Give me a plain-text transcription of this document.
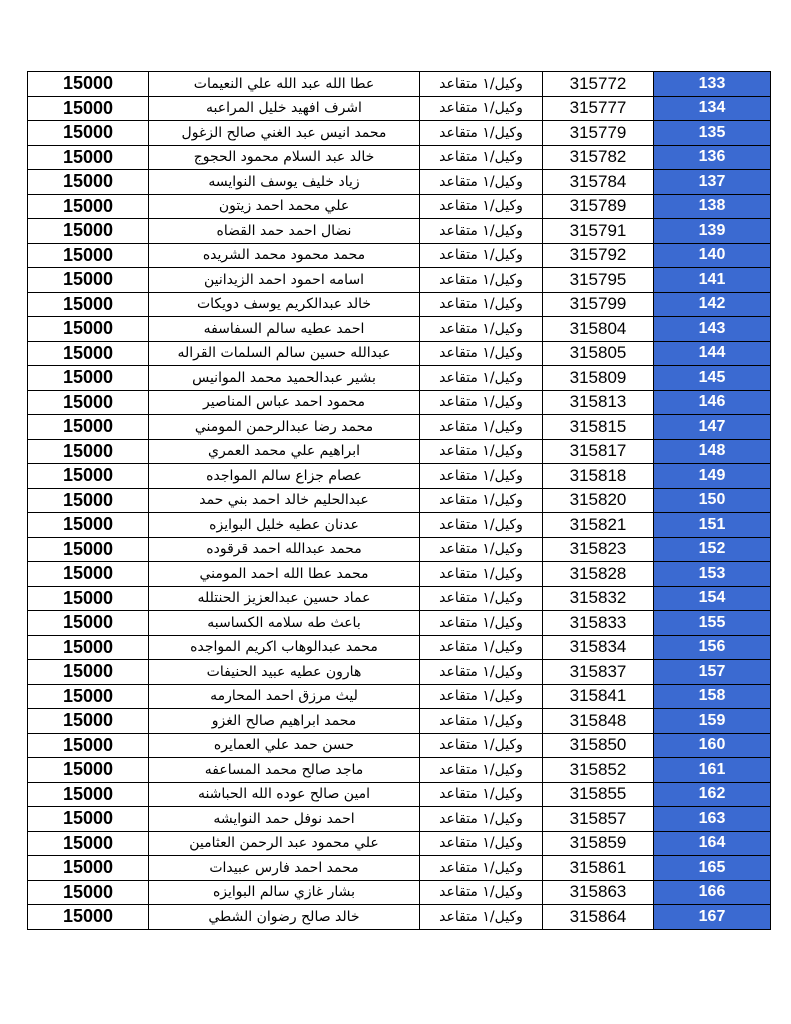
15000	عطا الله عبد الله علي النعيمات	وكيل/١ متقاعد	315772	133
15000	اشرف افهيد خليل المراعبه	وكيل/١ متقاعد	315777	134
15000	محمد انيس عبد الغني صالح الزغول	وكيل/١ متقاعد	315779	135
15000	خالد عبد السلام محمود الحجوج	وكيل/١ متقاعد	315782	136
15000	زياد خليف يوسف النوايسه	وكيل/١ متقاعد	315784	137
15000	علي محمد احمد زيتون	وكيل/١ متقاعد	315789	138
15000	نضال احمد حمد القضاه	وكيل/١ متقاعد	315791	139
15000	محمد محمود محمد الشريده	وكيل/١ متقاعد	315792	140
15000	اسامه احمود احمد الزيدانين	وكيل/١ متقاعد	315795	141
15000	خالد عبدالكريم يوسف دويكات	وكيل/١ متقاعد	315799	142
15000	احمد عطيه سالم السفاسفه	وكيل/١ متقاعد	315804	143
15000	عبدالله حسين سالم السلمات القراله	وكيل/١ متقاعد	315805	144
15000	بشير عبدالحميد محمد الموانيس	وكيل/١ متقاعد	315809	145
15000	محمود احمد عباس المناصير	وكيل/١ متقاعد	315813	146
15000	محمد رضا عبدالرحمن المومني	وكيل/١ متقاعد	315815	147
15000	ابراهيم علي محمد العمري	وكيل/١ متقاعد	315817	148
15000	عصام جزاع سالم المواجده	وكيل/١ متقاعد	315818	149
15000	عبدالحليم خالد احمد بني حمد	وكيل/١ متقاعد	315820	150
15000	عدنان عطيه خليل البوايزه	وكيل/١ متقاعد	315821	151
15000	محمد عبدالله احمد قرقوده	وكيل/١ متقاعد	315823	152
15000	محمد عطا الله احمد المومني	وكيل/١ متقاعد	315828	153
15000	عماد حسين عبدالعزيز الحنتلله	وكيل/١ متقاعد	315832	154
15000	باعث طه سلامه الكساسبه	وكيل/١ متقاعد	315833	155
15000	محمد عبدالوهاب اكريم المواجده	وكيل/١ متقاعد	315834	156
15000	هارون عطيه عبيد الحنيفات	وكيل/١ متقاعد	315837	157
15000	ليث مرزق احمد المحارمه	وكيل/١ متقاعد	315841	158
15000	محمد ابراهيم صالح الغزو	وكيل/١ متقاعد	315848	159
15000	حسن حمد علي العمايره	وكيل/١ متقاعد	315850	160
15000	ماجد صالح محمد المساعفه	وكيل/١ متقاعد	315852	161
15000	امين صالح عوده الله الحباشنه	وكيل/١ متقاعد	315855	162
15000	احمد نوفل حمد النوايشه	وكيل/١ متقاعد	315857	163
15000	علي محمود عبد الرحمن العثامين	وكيل/١ متقاعد	315859	164
15000	محمد احمد فارس عبيدات	وكيل/١ متقاعد	315861	165
15000	بشار غازي سالم البوايزه	وكيل/١ متقاعد	315863	166
15000	خالد صالح رضوان الشطي	وكيل/١ متقاعد	315864	167
